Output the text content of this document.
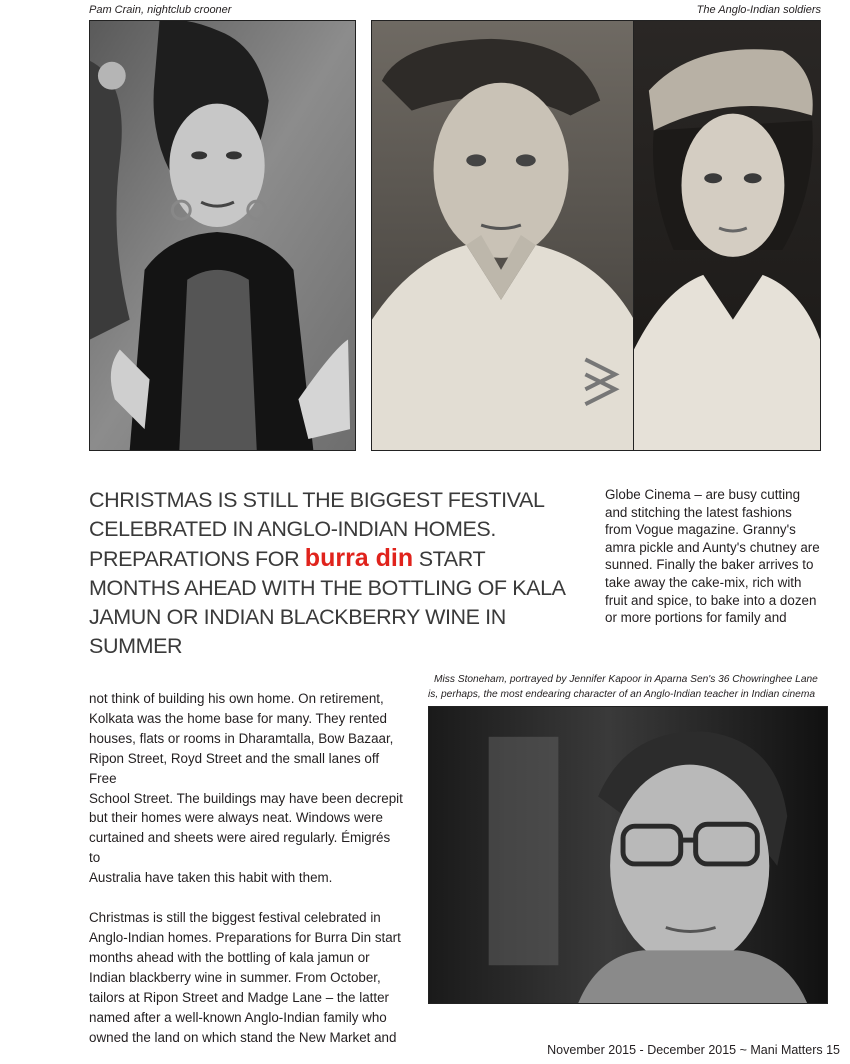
Pam Crain, nightclub crooner	The Anglo-Indian soldiers
CHRISTMAS IS STILL THE BIGGEST FESTIVAL
CELEBRATED IN ANGLO-INDIAN HOMES.
PREPARATIONS FOR burra din START
MONTHS AHEAD WITH THE BOTTLING OF KALA
JAMUN OR INDIAN BLACKBERRY WINE IN SUMMER
Globe Cinema – are busy cutting
and stitching the latest fashions
from Vogue magazine. Granny's
amra pickle and Aunty's chutney are
sunned. Finally the baker arrives to
take away the cake-mix, rich with
fruit and spice, to bake into a dozen
or more portions for family and
Miss Stoneham, portrayed by Jennifer Kapoor in Aparna Sen's 36 Chowringhee Lane
is, perhaps, the most endearing character of an Anglo-Indian teacher in Indian cinema

not think of building his own home. On retirement,
Kolkata was the home base for many. They rented
houses, flats or rooms in Dharamtalla, Bow Bazaar,
Ripon Street, Royd Street and the small lanes off Free
School Street. The buildings may have been decrepit
but their homes were always neat. Windows were
curtained and sheets were aired regularly. Émigrés to
Australia have taken this habit with them.

Christmas is still the biggest festival celebrated in
Anglo-Indian homes. Preparations for Burra Din start
months ahead with the bottling of kala jamun or
Indian blackberry wine in summer. From October,
tailors at Ripon Street and Madge Lane – the latter
named after a well-known Anglo-Indian family who
owned the land on which stand the New Market and

November 2015 - December 2015 ~ Mani Matters 15
